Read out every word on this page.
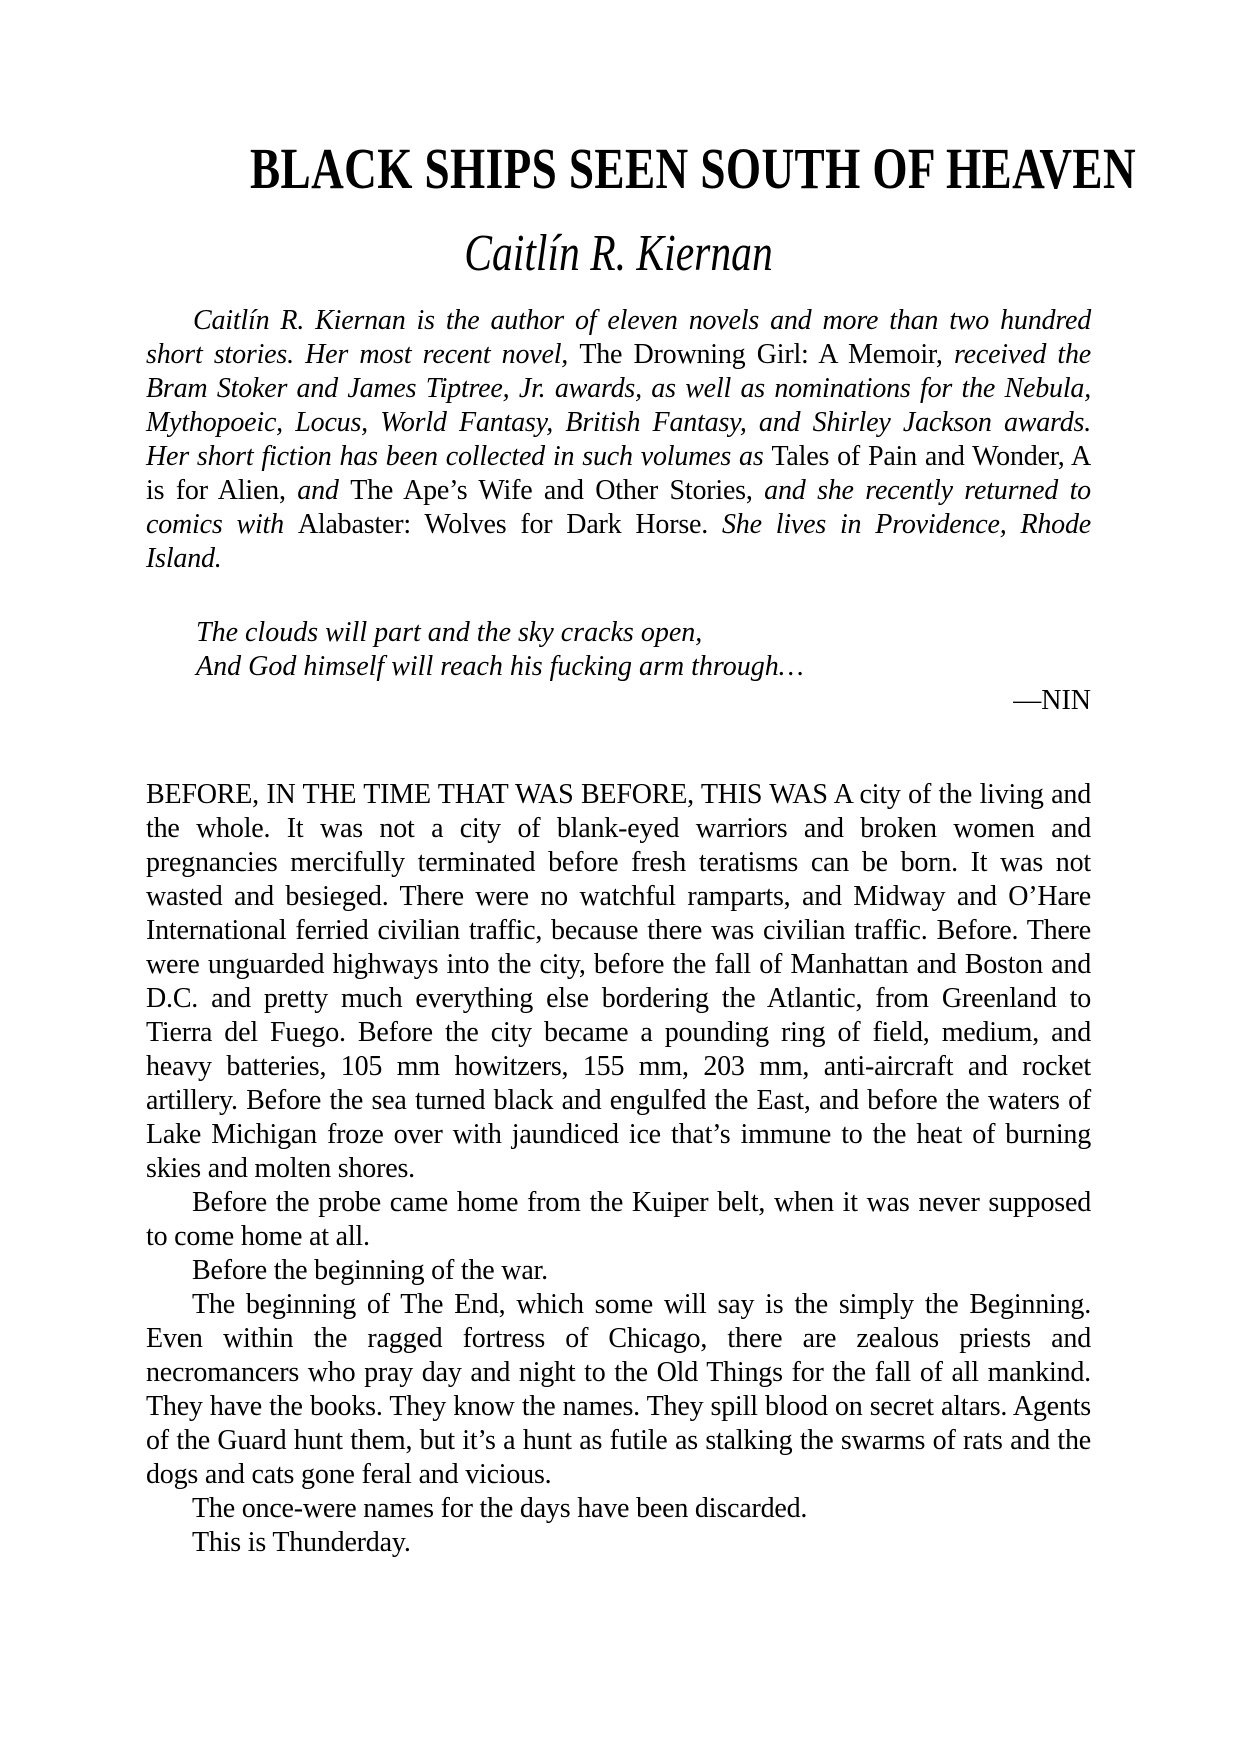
BLACK SHIPS SEEN SOUTH OF HEAVEN
Caitlín R. Kiernan

Caitlín R. Kiernan is the author of eleven novels and more than two hundred short stories. Her most recent novel, The Drowning Girl: A Memoir, received the Bram Stoker and James Tiptree, Jr. awards, as well as nominations for the Nebula, Mythopoeic, Locus, World Fantasy, British Fantasy, and Shirley Jackson awards. Her short fiction has been collected in such volumes as Tales of Pain and Wonder, A is for Alien, and The Ape’s Wife and Other Stories, and she recently returned to comics with Alabaster: Wolves for Dark Horse. She lives in Providence, Rhode Island.

The clouds will part and the sky cracks open,
And God himself will reach his fucking arm through…
—NIN

BEFORE, IN THE TIME THAT WAS BEFORE, THIS WAS A city of the living and the whole. It was not a city of blank-eyed warriors and broken women and pregnancies mercifully terminated before fresh teratisms can be born. It was not wasted and besieged. There were no watchful ramparts, and Midway and O’Hare International ferried civilian traffic, because there was civilian traffic. Before. There were unguarded highways into the city, before the fall of Manhattan and Boston and D.C. and pretty much everything else bordering the Atlantic, from Greenland to Tierra del Fuego. Before the city became a pounding ring of field, medium, and heavy batteries, 105 mm howitzers, 155 mm, 203 mm, anti-aircraft and rocket artillery. Before the sea turned black and engulfed the East, and before the waters of Lake Michigan froze over with jaundiced ice that’s immune to the heat of burning skies and molten shores.

Before the probe came home from the Kuiper belt, when it was never supposed to come home at all.

Before the beginning of the war.

The beginning of The End, which some will say is the simply the Beginning. Even within the ragged fortress of Chicago, there are zealous priests and necromancers who pray day and night to the Old Things for the fall of all mankind. They have the books. They know the names. They spill blood on secret altars. Agents of the Guard hunt them, but it’s a hunt as futile as stalking the swarms of rats and the dogs and cats gone feral and vicious.

The once-were names for the days have been discarded.

This is Thunderday.
